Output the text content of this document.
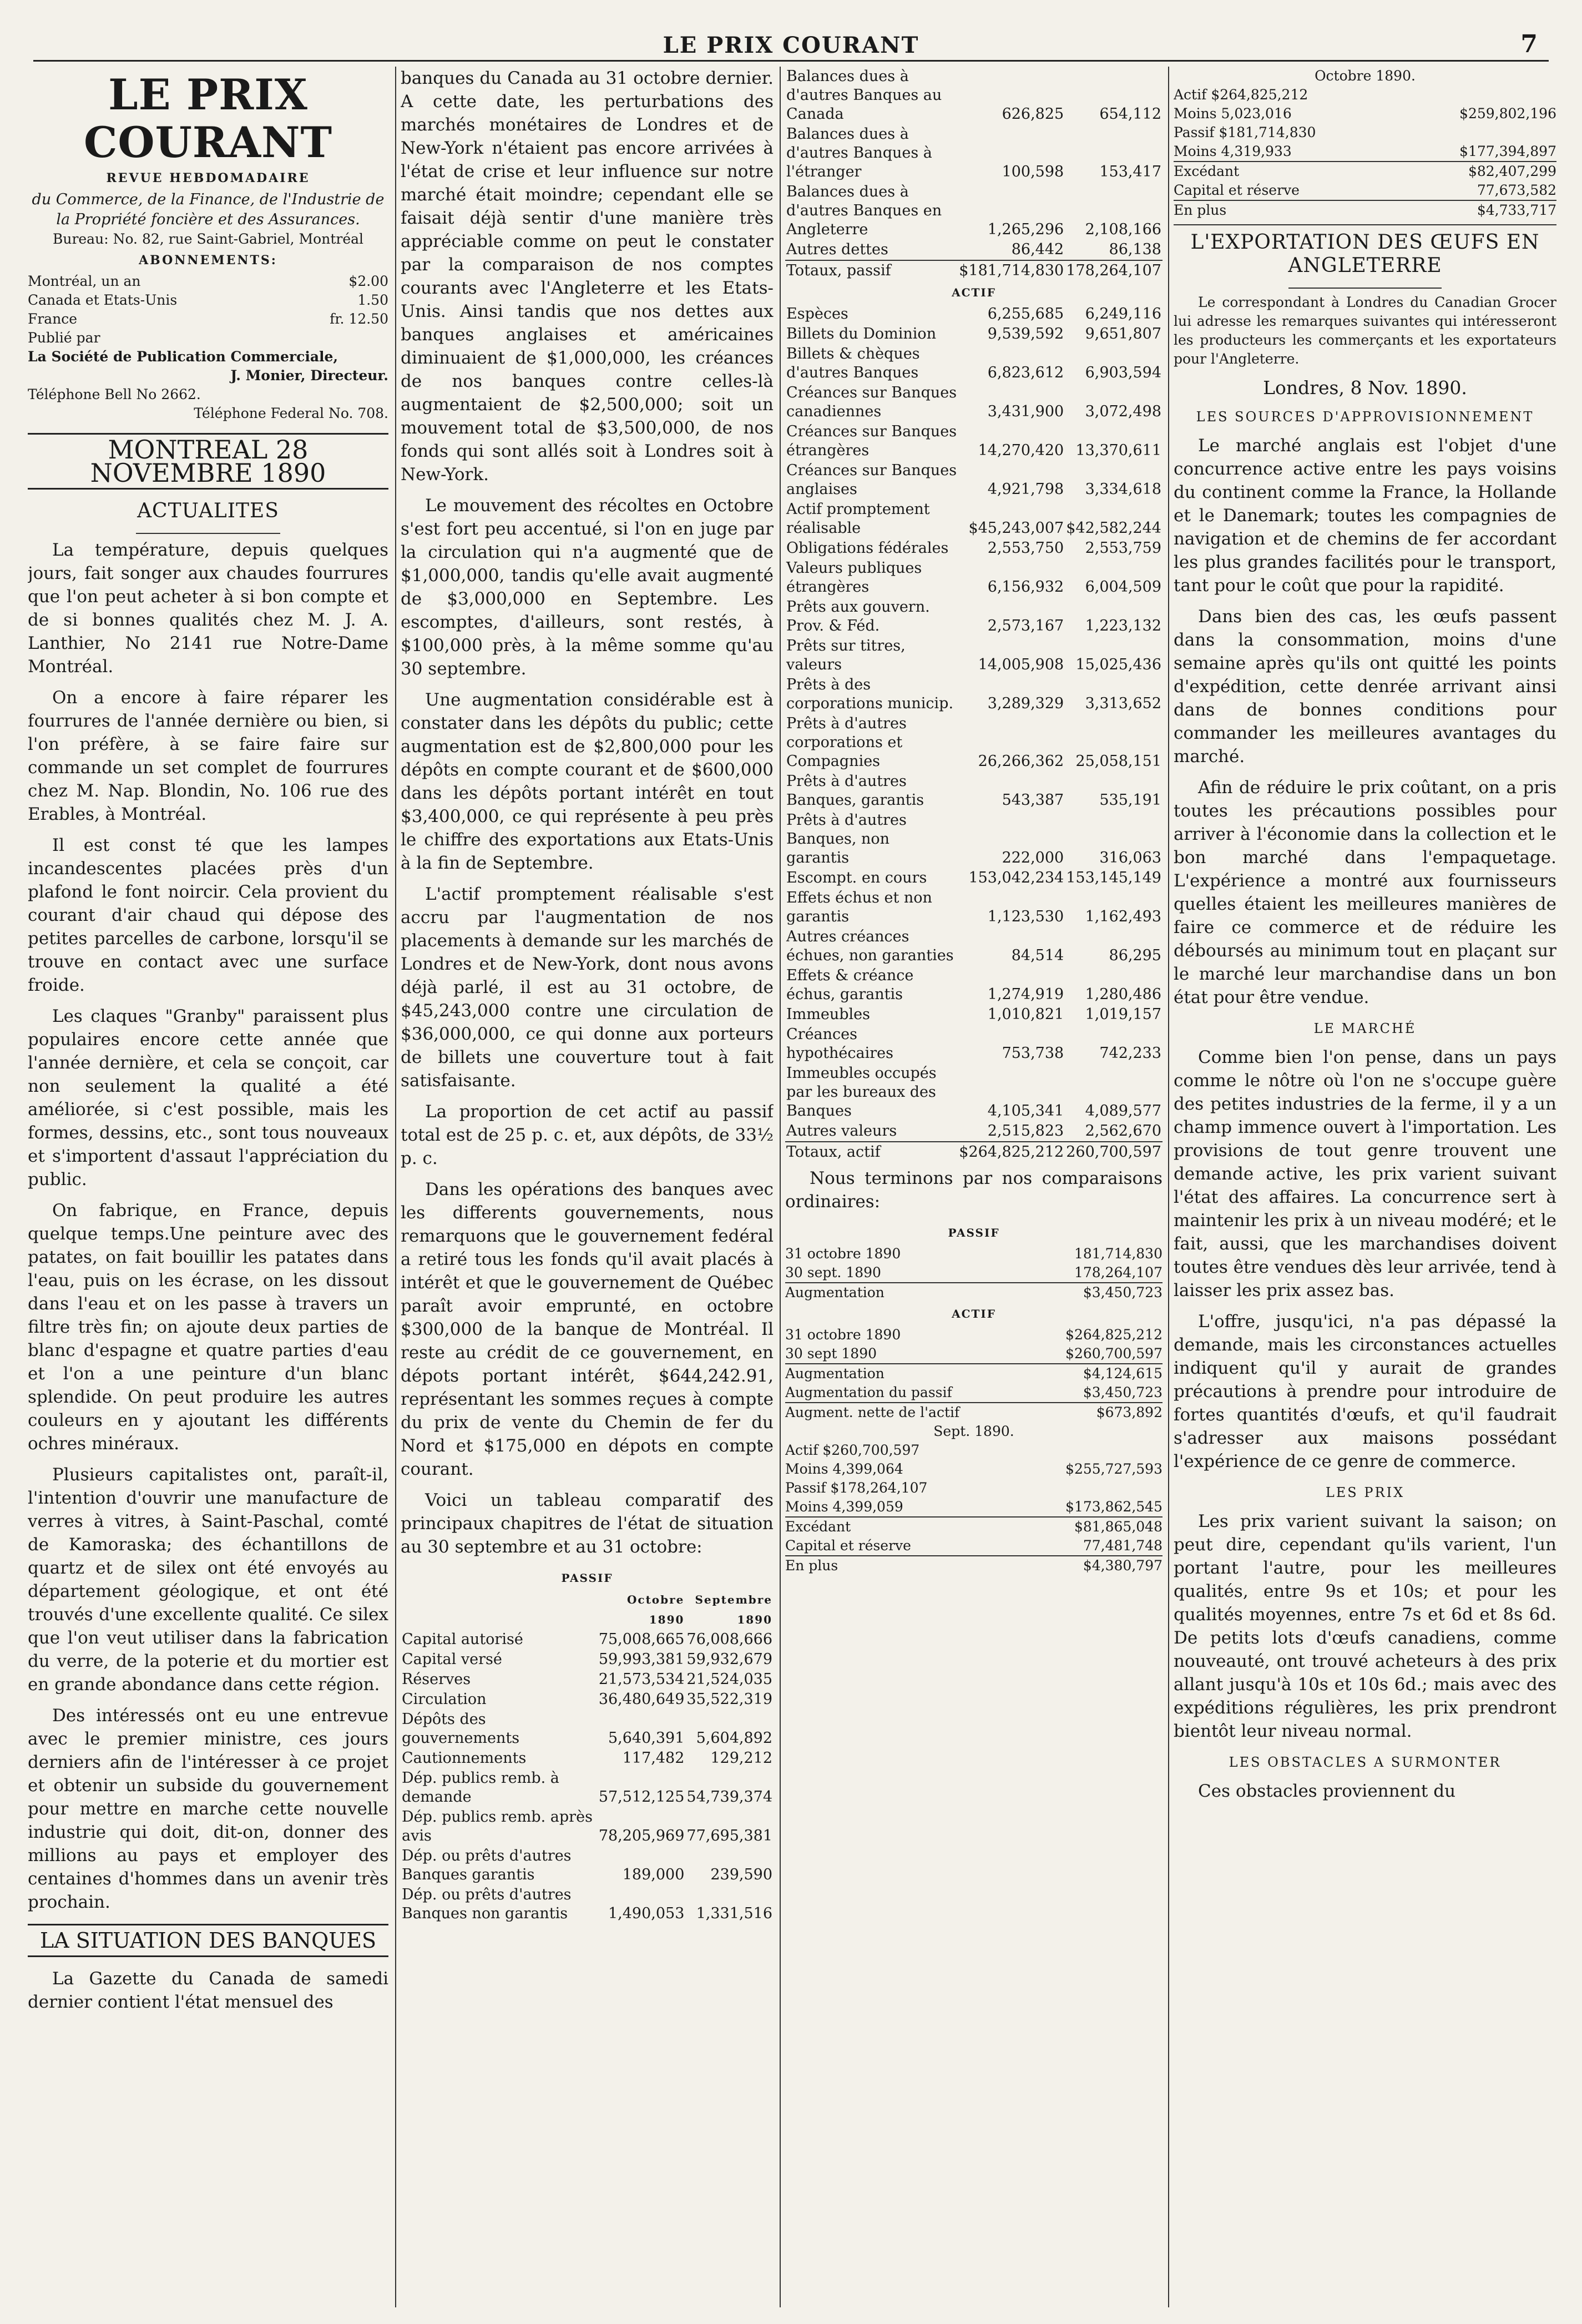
LE PRIX COURANT	7
LE PRIX COURANT
REVUE HEBDOMADAIRE
du Commerce, de la Finance, de l'Industrie de la Propriété foncière et des Assurances.
Bureau: No. 82, rue Saint-Gabriel, Montréal
ABONNEMENTS:
Montréal, un an	$2.00
Canada et Etats-Unis	1.50
France	fr. 12.50
Publié par
La Société de Publication Commerciale,
J. Monier, Directeur.
Téléphone Bell No 2662.
Téléphone Federal No. 708.
MONTREAL 28 NOVEMBRE 1890
ACTUALITES

La température, depuis quelques jours, fait songer aux chaudes fourrures que l'on peut acheter à si bon compte et de si bonnes qualités chez M. J. A. Lanthier, No 2141 rue Notre-Dame Montréal.

On a encore à faire réparer les fourrures de l'année dernière ou bien, si l'on préfère, à se faire faire sur commande un set complet de fourrures chez M. Nap. Blondin, No. 106 rue des Erables, à Montréal.

Il est const té que les lampes incandescentes placées près d'un plafond le font noircir. Cela provient du courant d'air chaud qui dépose des petites parcelles de carbone, lorsqu'il se trouve en contact avec une surface froide.

Les claques "Granby" paraissent plus populaires encore cette année que l'année dernière, et cela se conçoit, car non seulement la qualité a été améliorée, si c'est possible, mais les formes, dessins, etc., sont tous nouveaux et s'importent d'assaut l'appréciation du public.

On fabrique, en France, depuis quelque temps.Une peinture avec des patates, on fait bouillir les patates dans l'eau, puis on les écrase, on les dissout dans l'eau et on les passe à travers un filtre très fin; on ajoute deux parties de blanc d'espagne et quatre parties d'eau et l'on a une peinture d'un blanc splendide. On peut produire les autres couleurs en y ajoutant les différents ochres minéraux.

Plusieurs capitalistes ont, paraît-il, l'intention d'ouvrir une manufacture de verres à vitres, à Saint-Paschal, comté de Kamoraska; des échantillons de quartz et de silex ont été envoyés au département géologique, et ont été trouvés d'une excellente qualité. Ce silex que l'on veut utiliser dans la fabrication du verre, de la poterie et du mortier est en grande abondance dans cette région.

Des intéressés ont eu une entrevue avec le premier ministre, ces jours derniers afin de l'intéresser à ce projet et obtenir un subside du gouvernement pour mettre en marche cette nouvelle industrie qui doit, dit-on, donner des millions au pays et employer des centaines d'hommes dans un avenir très prochain.

LA SITUATION DES BANQUES

La Gazette du Canada de samedi dernier contient l'état mensuel des

banques du Canada au 31 octobre dernier. A cette date, les perturbations des marchés monétaires de Londres et de New-York n'étaient pas encore arrivées à l'état de crise et leur influence sur notre marché était moindre; cependant elle se faisait déjà sentir d'une manière très appréciable comme on peut le constater par la comparaison de nos comptes courants avec l'Angleterre et les Etats-Unis. Ainsi tandis que nos dettes aux banques anglaises et américaines diminuaient de $1,000,000, les créances de nos banques contre celles-là augmentaient de $2,500,000; soit un mouvement total de $3,500,000, de nos fonds qui sont allés soit à Londres soit à New-York.

Le mouvement des récoltes en Octobre s'est fort peu accentué, si l'on en juge par la circulation qui n'a augmenté que de $1,000,000, tandis qu'elle avait augmenté de $3,000,000 en Septembre. Les escomptes, d'ailleurs, sont restés, à $100,000 près, à la même somme qu'au 30 septembre.

Une augmentation considérable est à constater dans les dépôts du public; cette augmentation est de $2,800,000 pour les dépôts en compte courant et de $600,000 dans les dépôts portant intérêt en tout $3,400,000, ce qui représente à peu près le chiffre des exportations aux Etats-Unis à la fin de Septembre.

L'actif promptement réalisable s'est accru par l'augmentation de nos placements à demande sur les marchés de Londres et de New-York, dont nous avons déjà parlé, il est au 31 octobre, de $45,243,000 contre une circulation de $36,000,000, ce qui donne aux porteurs de billets une couverture tout à fait satisfaisante.

La proportion de cet actif au passif total est de 25 p. c. et, aux dépôts, de 33½ p. c.

Dans les opérations des banques avec les differents gouvernements, nous remarquons que le gouvernement fedéral a retiré tous les fonds qu'il avait placés à intérêt et que le gouvernement de Québec paraît avoir emprunté, en octobre $300,000 de la banque de Montréal. Il reste au crédit de ce gouvernement, en dépots portant intérêt, $644,242.91, représentant les sommes reçues à compte du prix de vente du Chemin de fer du Nord et $175,000 en dépots en compte courant.

Voici un tableau comparatif des principaux chapitres de l'état de situation au 30 septembre et au 31 octobre:

PASSIF
	Octobre	Septembre
	1890	1890
Capital autorisé	75,008,665	76,008,666
Capital versé	59,993,381	59,932,679
Réserves	21,573,534	21,524,035
Circulation	36,480,649	35,522,319
Dépôts des gouvernements	5,640,391	5,604,892
Cautionnements	117,482	129,212
Dép. publics remb. à demande	57,512,125	54,739,374
Dép. publics remb. après avis	78,205,969	77,695,381
Dép. ou prêts d'autres Banques garantis	189,000	239,590
Dép. ou prêts d'autres Banques non garantis	1,490,053	1,331,516
Balances dues à d'autres Banques au Canada	626,825	654,112
Balances dues à d'autres Banques à l'étranger	100,598	153,417
Balances dues à d'autres Banques en Angleterre	1,265,296	2,108,166
Autres dettes	86,442	86,138
Totaux, passif	$181,714,830	178,264,107
ACTIF
Espèces	6,255,685	6,249,116
Billets du Dominion	9,539,592	9,651,807
Billets & chèques d'autres Banques	6,823,612	6,903,594
Créances sur Banques canadiennes	3,431,900	3,072,498
Créances sur Banques étrangères	14,270,420	13,370,611
Créances sur Banques anglaises	4,921,798	3,334,618
Actif promptement réalisable	$45,243,007	$42,582,244
Obligations fédérales	2,553,750	2,553,759
Valeurs publiques étrangères	6,156,932	6,004,509
Prêts aux gouvern. Prov. & Féd.	2,573,167	1,223,132
Prêts sur titres, valeurs	14,005,908	15,025,436
Prêts à des corporations municip.	3,289,329	3,313,652
Prêts à d'autres corporations et Compagnies	26,266,362	25,058,151
Prêts à d'autres Banques, garantis	543,387	535,191
Prêts à d'autres Banques, non garantis	222,000	316,063
Escompt. en cours	153,042,234	153,145,149
Effets échus et non garantis	1,123,530	1,162,493
Autres créances échues, non garanties	84,514	86,295
Effets & créance échus, garantis	1,274,919	1,280,486
Immeubles	1,010,821	1,019,157
Créances hypothécaires	753,738	742,233
Immeubles occupés par les bureaux des Banques	4,105,341	4,089,577
Autres valeurs	2,515,823	2,562,670
Totaux, actif	$264,825,212	260,700,597

Nous terminons par nos comparaisons ordinaires:

PASSIF
31 octobre 1890	181,714,830
30 sept. 1890	178,264,107
Augmentation	$3,450,723
ACTIF
31 octobre 1890	$264,825,212
30 sept 1890	$260,700,597
Augmentation	$4,124,615
Augmentation du passif	$3,450,723
Augment. nette de l'actif	$673,892
Sept. 1890.
Actif $260,700,597
Moins 4,399,064	$255,727,593
Passif $178,264,107
Moins 4,399,059	$173,862,545
Excédant	$81,865,048
Capital et réserve	77,481,748
En plus	$4,380,797
Octobre 1890.
Actif $264,825,212
Moins 5,023,016	$259,802,196
Passif $181,714,830
Moins 4,319,933	$177,394,897
Excédant	$82,407,299
Capital et réserve	77,673,582
En plus	$4,733,717
L'EXPORTATION DES ŒUFS EN ANGLETERRE

Le correspondant à Londres du Canadian Grocer lui adresse les remarques suivantes qui intéresseront les producteurs les commerçants et les exportateurs pour l'Angleterre.

Londres, 8 Nov. 1890.
LES SOURCES D'APPROVISIONNEMENT

Le marché anglais est l'objet d'une concurrence active entre les pays voisins du continent comme la France, la Hollande et le Danemark; toutes les compagnies de navigation et de chemins de fer accordant les plus grandes facilités pour le transport, tant pour le coût que pour la rapidité.

Dans bien des cas, les œufs passent dans la consommation, moins d'une semaine après qu'ils ont quitté les points d'expédition, cette denrée arrivant ainsi dans de bonnes conditions pour commander les meilleures avantages du marché.

Afin de réduire le prix coûtant, on a pris toutes les précautions possibles pour arriver à l'économie dans la collection et le bon marché dans l'empaquetage. L'expérience a montré aux fournisseurs quelles étaient les meilleures manières de faire ce commerce et de réduire les déboursés au minimum tout en plaçant sur le marché leur marchandise dans un bon état pour être vendue.

LE MARCHÉ

Comme bien l'on pense, dans un pays comme le nôtre où l'on ne s'occupe guère des petites industries de la ferme, il y a un champ immence ouvert à l'importation. Les provisions de tout genre trouvent une demande active, les prix varient suivant l'état des affaires. La concurrence sert à maintenir les prix à un niveau modéré; et le fait, aussi, que les marchandises doivent toutes être vendues dès leur arrivée, tend à laisser les prix assez bas.

L'offre, jusqu'ici, n'a pas dépassé la demande, mais les circonstances actuelles indiquent qu'il y aurait de grandes précautions à prendre pour introduire de fortes quantités d'œufs, et qu'il faudrait s'adresser aux maisons possédant l'expérience de ce genre de commerce.

LES PRIX

Les prix varient suivant la saison; on peut dire, cependant qu'ils varient, l'un portant l'autre, pour les meilleures qualités, entre 9s et 10s; et pour les qualités moyennes, entre 7s et 6d et 8s 6d. De petits lots d'œufs canadiens, comme nouveauté, ont trouvé acheteurs à des prix allant jusqu'à 10s et 10s 6d.; mais avec des expéditions régulières, les prix prendront bientôt leur niveau normal.

LES OBSTACLES A SURMONTER

Ces obstacles proviennent du
